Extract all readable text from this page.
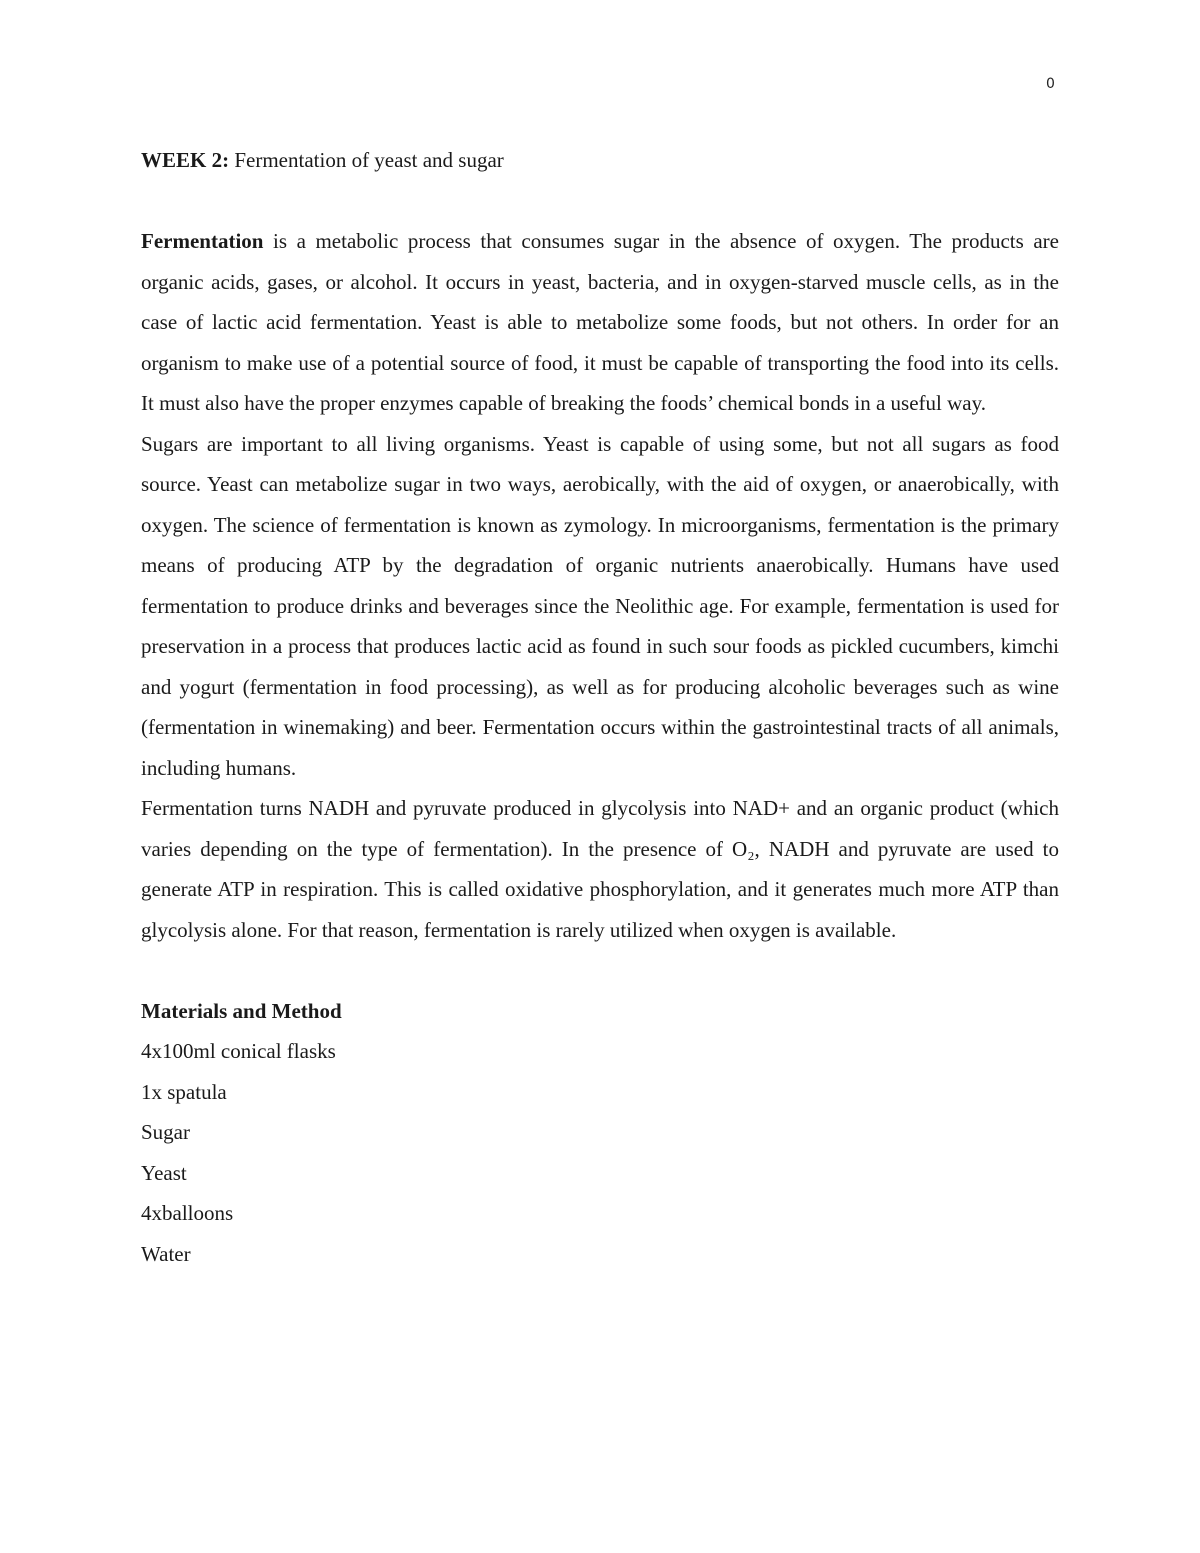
0
WEEK 2: Fermentation of yeast and sugar

Fermentation is a metabolic process that consumes sugar in the absence of oxygen. The products are organic acids, gases, or alcohol. It occurs in yeast, bacteria, and in oxygen-starved muscle cells, as in the case of lactic acid fermentation. Yeast is able to metabolize some foods, but not others. In order for an organism to make use of a potential source of food, it must be capable of transporting the food into its cells. It must also have the proper enzymes capable of breaking the foods’ chemical bonds in a useful way.

Sugars are important to all living organisms. Yeast is capable of using some, but not all sugars as food source. Yeast can metabolize sugar in two ways, aerobically, with the aid of oxygen, or anaerobically, with oxygen. The science of fermentation is known as zymology. In microorganisms, fermentation is the primary means of producing ATP by the degradation of organic nutrients anaerobically. Humans have used fermentation to produce drinks and beverages since the Neolithic age. For example, fermentation is used for preservation in a process that produces lactic acid as found in such sour foods as pickled cucumbers, kimchi and yogurt (fermentation in food processing), as well as for producing alcoholic beverages such as wine (fermentation in winemaking) and beer. Fermentation occurs within the gastrointestinal tracts of all animals, including humans.

Fermentation turns NADH and pyruvate produced in glycolysis into NAD+ and an organic product (which varies depending on the type of fermentation). In the presence of O₂, NADH and pyruvate are used to generate ATP in respiration. This is called oxidative phosphorylation, and it generates much more ATP than glycolysis alone. For that reason, fermentation is rarely utilized when oxygen is available.

Materials and Method
4x100ml conical flasks
1x spatula
Sugar
Yeast
4xballoons
Water
